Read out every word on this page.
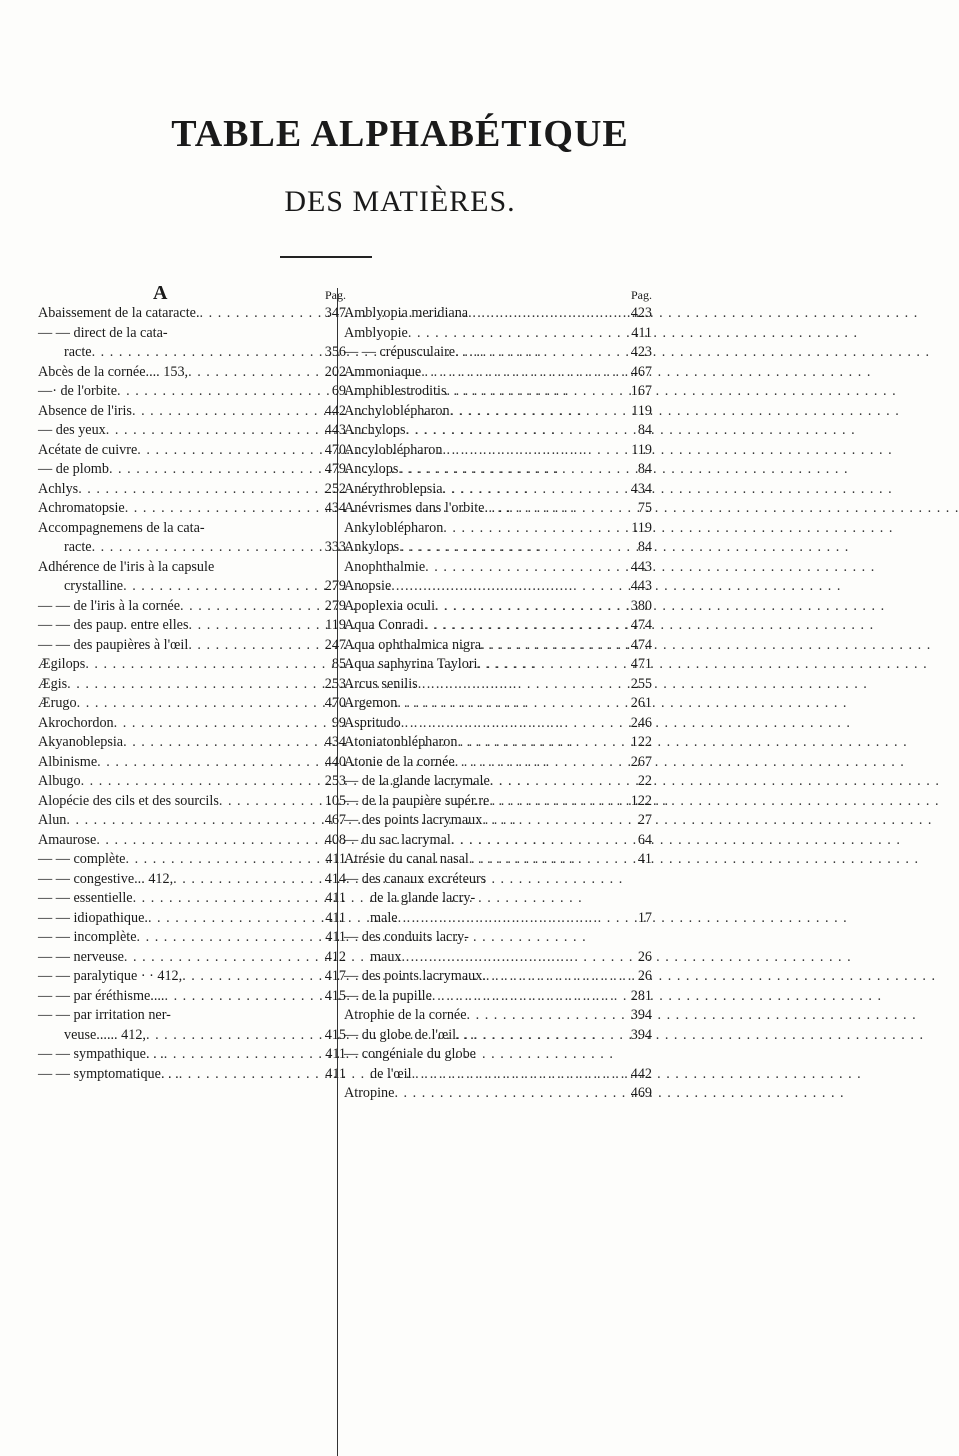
TABLE ALPHABÉTIQUE
DES MATIÈRES.
A	Pag.
Abaissement de la cataracte. . . .	347
— — direct de la cata-
racte . . .	356
Abcès de la cornée.... 153, . . .	202
—· de l'orbite . . .	69
Absence de l'iris . . .	442
— des yeux . . .	443
Acétate de cuivre . . .	470
— de plomb . . .	479
Achlys . . .	252
Achromatopsie . . .	434
Accompagnemens de la cata-
racte . . .	333
Adhérence de l'iris à la capsule
crystalline . . .	279
— — de l'iris à la cornée . . .	279
— — des paup. entre elles . . .	119
— — des paupières à l'œil . . .	247
Ægilops . . .	85
Ægis . . .	253
Ærugo . . .	470
Akrochordon . . .	99
Akyanoblepsia . . .	434
Albinisme . . .	440
Albugo . . .	253
Alopécie des cils et des sourcils . . .	105
Alun . . .	467
Amaurose . . .	408
— — complète . . .	411
— — congestive... 412, . . .	414
— — essentielle . . .	411
— — idiopathique. . . .	411
— — incomplète . . .	411
— — nerveuse . . .	412
— — paralytique · · 412, . . .	417
— — par éréthisme.... . . .	415
— — par irritation ner-
veuse...... 412, . . .	415
— — sympathique. . . . . .	411
— — symptomatique. . . . . .	411
Pag.
Amblyopia meridiana . . .	423
Amblyopie . . .	411
— — crépusculaire. . . . . . .	423
Ammoniaque . . .	467
Amphiblestroditis . . .	167
Anchyloblépharon . . .	119
Anchylops . . .	84
Ancyloblépharon . . .	119
Ancylops . . .	84
Anérythroblepsia . . .	434
Anévrismes dans l'orbite. . . . . . .	75
Ankyloblépharon . . .	119
Ankylops . . .	84
Anophthalmie . . .	443
Anopsie . . .	443
Apoplexia oculi . . .	380
Aqua Conradi . . .	474
Aqua ophthalmica nigra . . .	474
Aqua saphyrina Taylori . . .	471
Arcus senilis . . .	255
Argemon . . .	261
Aspritudo . . .	246
Atoniatonblépharon . . .	122
Atonie de la cornée . . .	267
— de la glande lacrymale . . .	22
— de la paupière supér.re . . .	122
— des points lacrymaux . . .	27
— du sac lacrymal . . .	64
Atrésie du canal nasal . . .	41
— des canaux excréteurs
de la glande lacry-
male . . .	17
— des conduits lacry-
maux . . .	26
— des points lacrymaux. . . .	26
— de la pupille . . .	281
Atrophie de la cornée . . .	394
— du globe de l'œil. . . . . .	394
— congéniale du globe
de l'œil . . .	442
Atropine . . .	469
